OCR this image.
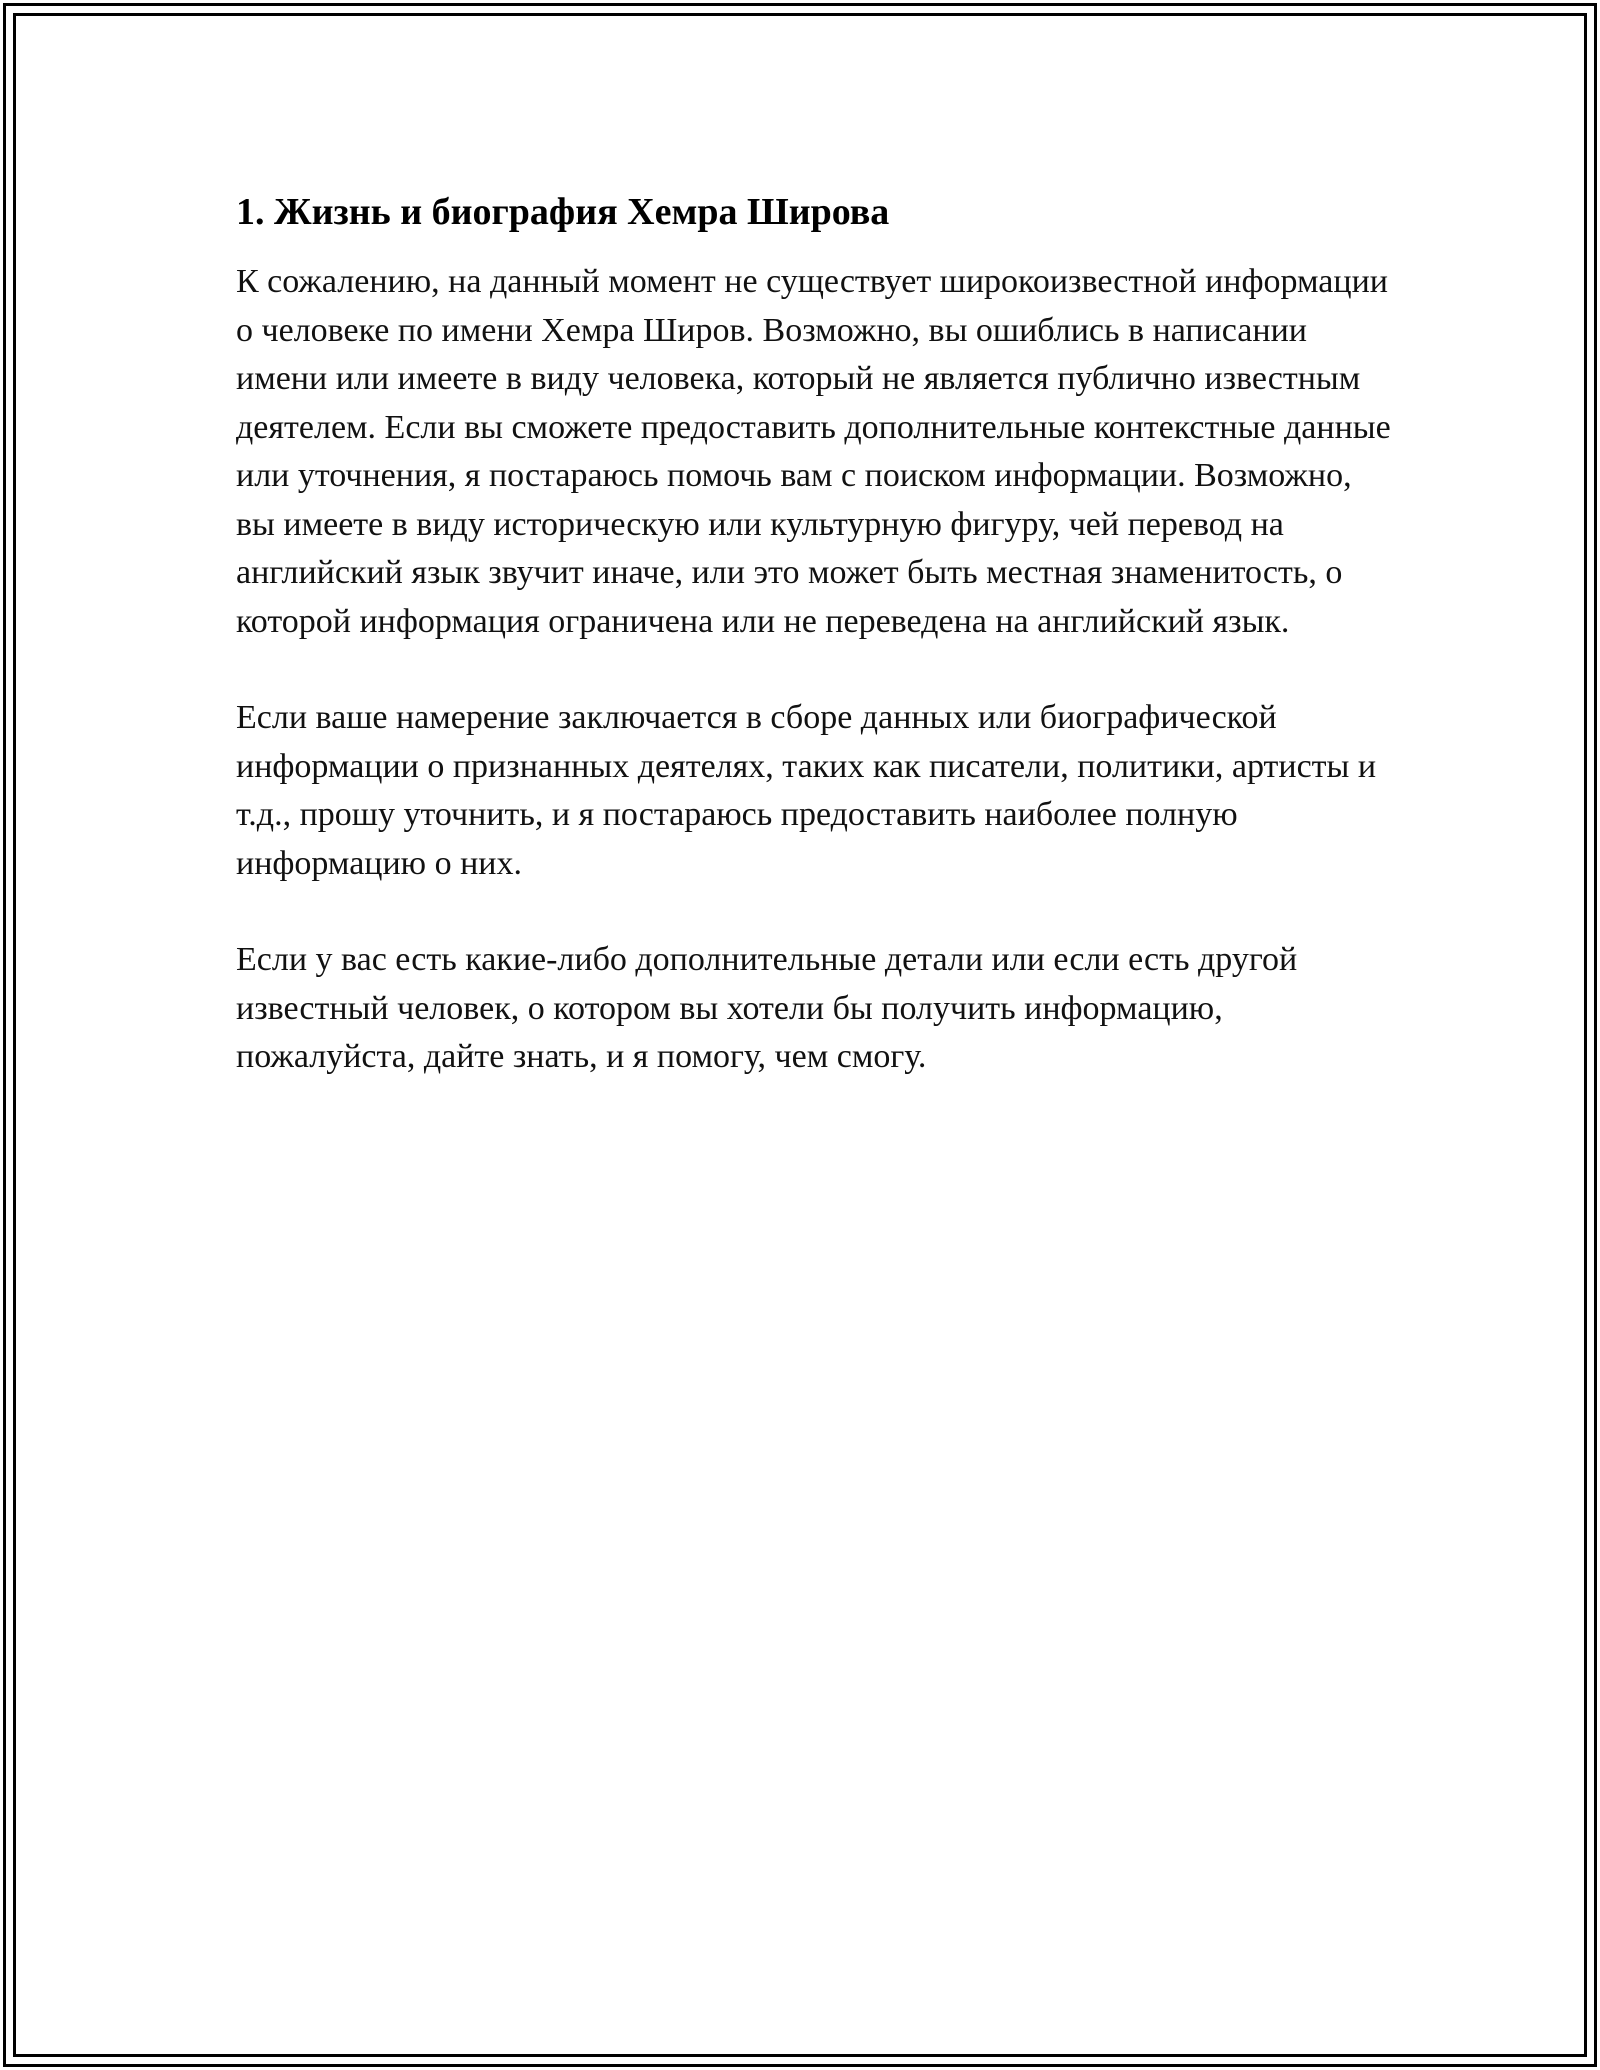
1. Жизнь и биография Хемра Широва

К сожалению, на данный момент не существует широкоизвестной информации о человеке по имени Хемра Широв. Возможно, вы ошиблись в написании имени или имеете в виду человека, который не является публично известным деятелем. Если вы сможете предоставить дополнительные контекстные данные или уточнения, я постараюсь помочь вам с поиском информации. Возможно, вы имеете в виду историческую или культурную фигуру, чей перевод на английский язык звучит иначе, или это может быть местная знаменитость, о которой информация ограничена или не переведена на английский язык.

Если ваше намерение заключается в сборе данных или биографической информации о признанных деятелях, таких как писатели, политики, артисты и т.д., прошу уточнить, и я постараюсь предоставить наиболее полную информацию о них.

Если у вас есть какие-либо дополнительные детали или если есть другой известный человек, о котором вы хотели бы получить информацию, пожалуйста, дайте знать, и я помогу, чем смогу.
